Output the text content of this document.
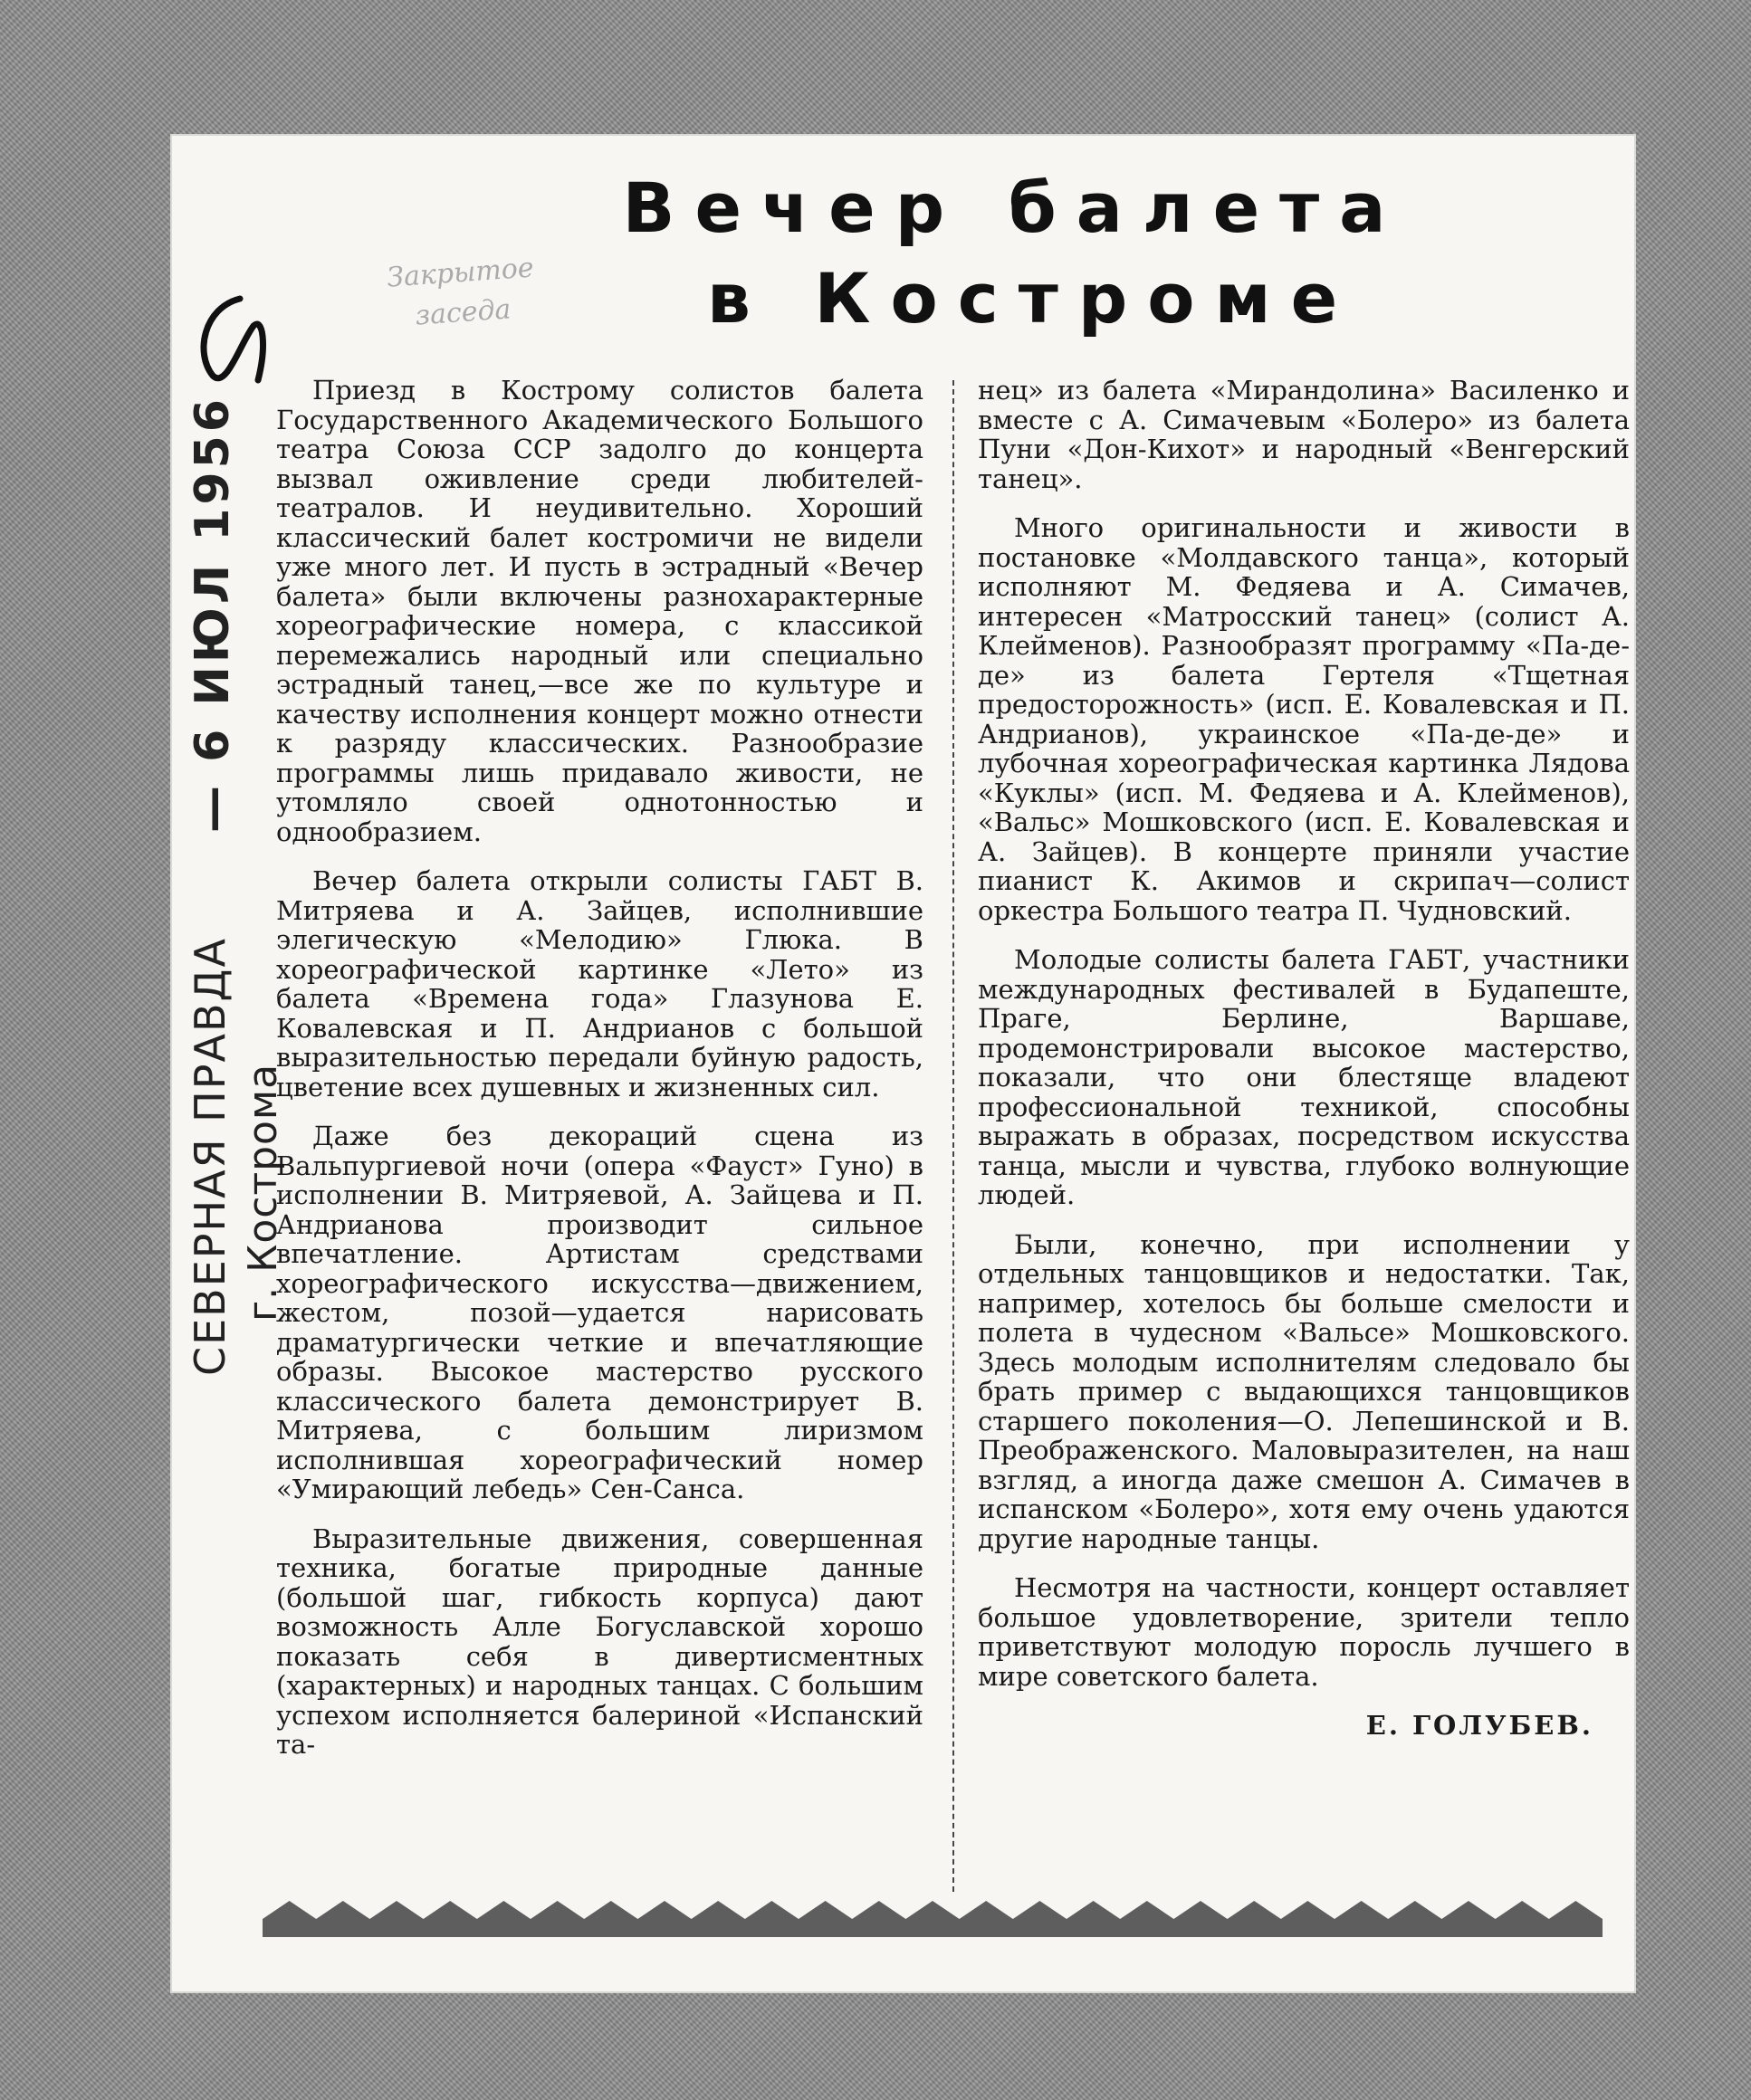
Вечер балета
в Костроме
Закрытое
заседа
СЕВЕРНАЯ ПРАВДА
— 6 ИЮЛ 1956
г. Кострома

Приезд в Кострому солистов балета Государственного Академического Большого театра Союза ССР задолго до концерта вызвал оживление среди любителей-театралов. И неудивительно. Хороший классический балет костромичи не видели уже много лет. И пусть в эстрадный «Вечер балета» были включены разнохарактерные хореографические номера, с классикой перемежались народный или специально эстрадный танец,—все же по культуре и качеству исполнения концерт можно отнести к разряду классических. Разнообразие программы лишь придавало живости, не утомляло своей однотонностью и однообразием.

Вечер балета открыли солисты ГАБТ В. Митряева и А. Зайцев, исполнившие элегическую «Мелодию» Глюка. В хореографической картинке «Лето» из балета «Времена года» Глазунова Е. Ковалевская и П. Андрианов с большой выразительностью передали буйную радость, цветение всех душевных и жизненных сил.

Даже без декораций сцена из Вальпургиевой ночи (опера «Фауст» Гуно) в исполнении В. Митряевой, А. Зайцева и П. Андрианова производит сильное впечатление. Артистам средствами хореографического искусства—движением, жестом, позой—удается нарисовать драматургически четкие и впечатляющие образы. Высокое мастерство русского классического балета демонстрирует В. Митряева, с большим лиризмом исполнившая хореографический номер «Умирающий лебедь» Сен-Санса.

Выразительные движения, совершенная техника, богатые природные данные (большой шаг, гибкость корпуса) дают возможность Алле Богуславской хорошо показать себя в дивертисментных (характерных) и народных танцах. С большим успехом исполняется балериной «Испанский та-

нец» из балета «Мирандолина» Василенко и вместе с А. Симачевым «Болеро» из балета Пуни «Дон-Кихот» и народный «Венгерский танец».

Много оригинальности и живости в постановке «Молдавского танца», который исполняют М. Федяева и А. Симачев, интересен «Матросский танец» (солист А. Клейменов). Разнообразят программу «Па-де-де» из балета Гертеля «Тщетная предосторожность» (исп. Е. Ковалевская и П. Андрианов), украинское «Па-де-де» и лубочная хореографическая картинка Лядова «Куклы» (исп. М. Федяева и А. Клейменов), «Вальс» Мошковского (исп. Е. Ковалевская и А. Зайцев). В концерте приняли участие пианист К. Акимов и скрипач—солист оркестра Большого театра П. Чудновский.

Молодые солисты балета ГАБТ, участники международных фестивалей в Будапеште, Праге, Берлине, Варшаве, продемонстрировали высокое мастерство, показали, что они блестяще владеют профессиональной техникой, способны выражать в образах, посредством искусства танца, мысли и чувства, глубоко волнующие людей.

Были, конечно, при исполнении у отдельных танцовщиков и недостатки. Так, например, хотелось бы больше смелости и полета в чудесном «Вальсе» Мошковского. Здесь молодым исполнителям следовало бы брать пример с выдающихся танцовщиков старшего поколения—О. Лепешинской и В. Преображенского. Маловыразителен, на наш взгляд, а иногда даже смешон А. Симачев в испанском «Болеро», хотя ему очень удаются другие народные танцы.

Несмотря на частности, концерт оставляет большое удовлетворение, зрители тепло приветствуют молодую поросль лучшего в мире советского балета.

Е. ГОЛУБЕВ.
